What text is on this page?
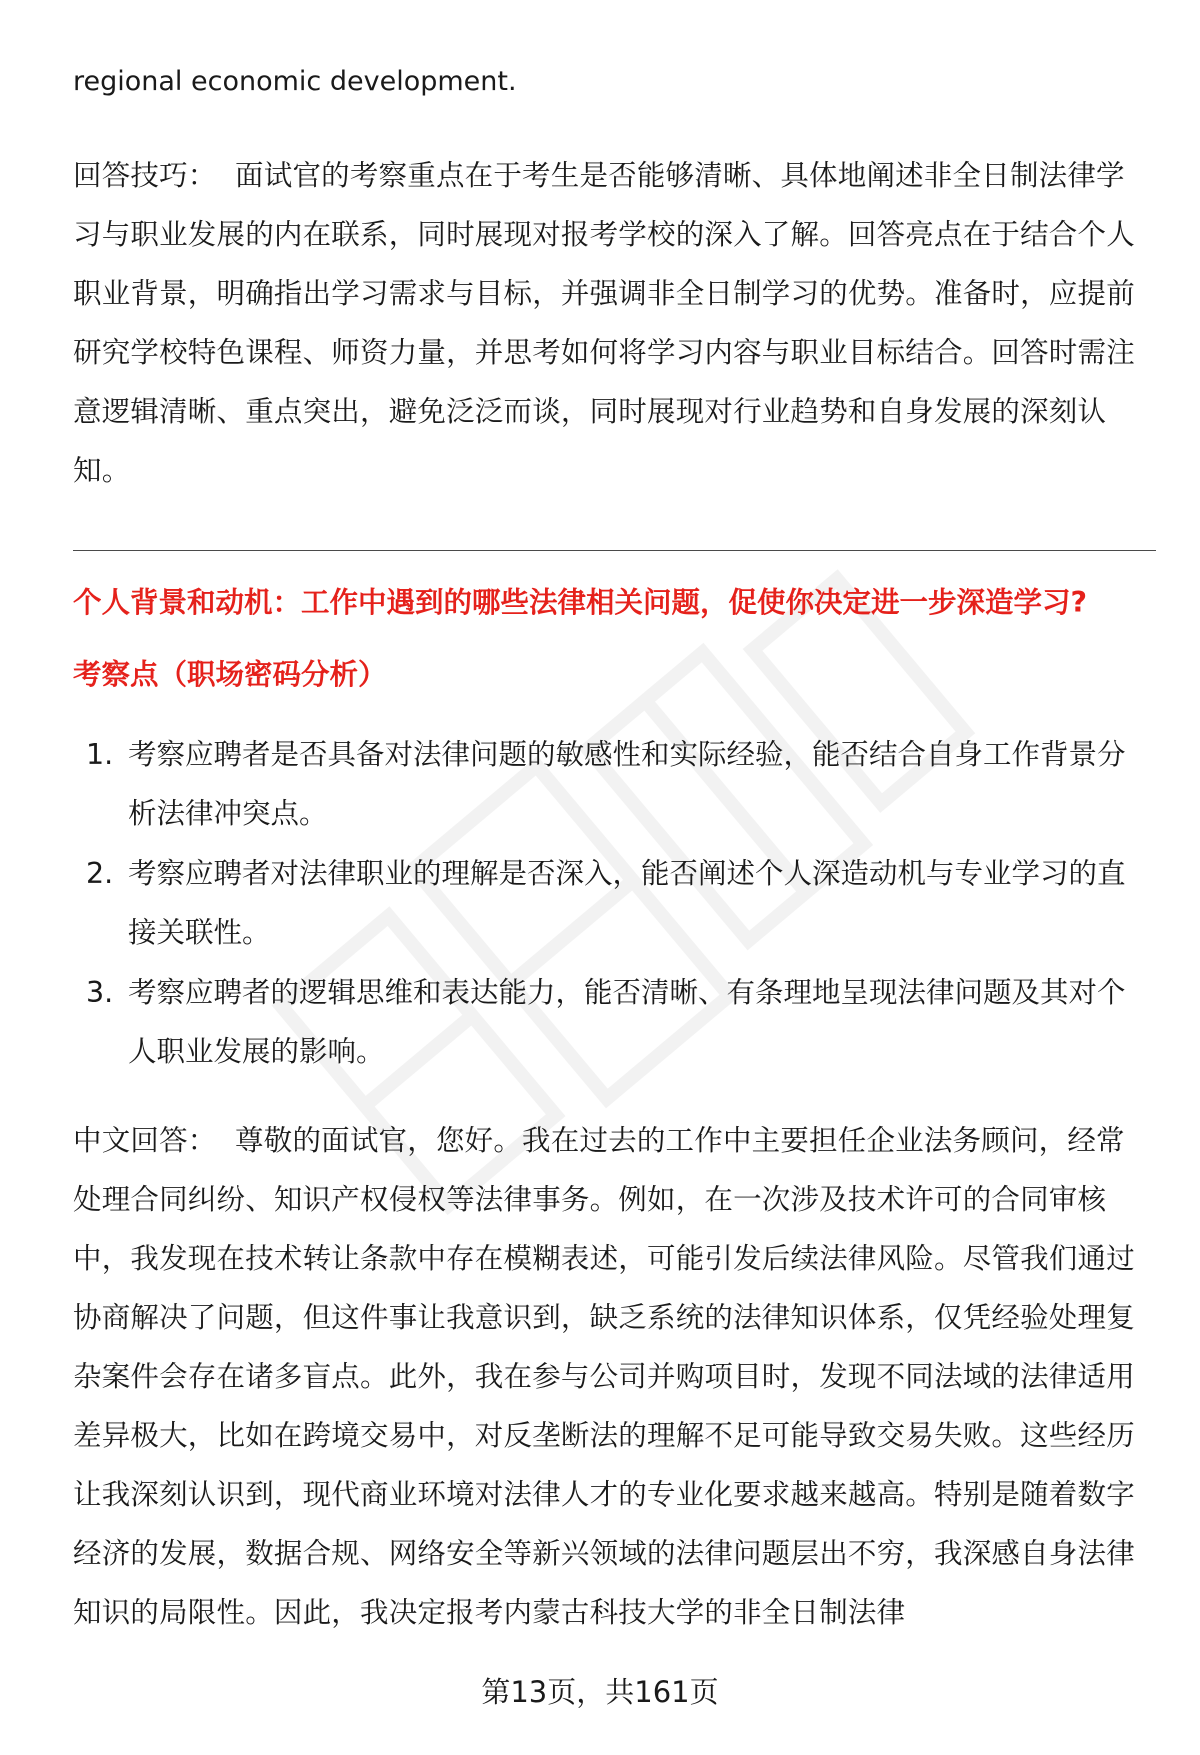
regional economic development.

回答技巧： 面试官的考察重点在于考生是否能够清晰、具体地阐述非全日制法律学习与职业发展的内在联系，同时展现对报考学校的深入了解。回答亮点在于结合个人职业背景，明确指出学习需求与目标，并强调非全日制学习的优势。准备时，应提前研究学校特色课程、师资力量，并思考如何将学习内容与职业目标结合。回答时需注意逻辑清晰、重点突出，避免泛泛而谈，同时展现对行业趋势和自身发展的深刻认知。

个人背景和动机：工作中遇到的哪些法律相关问题，促使你决定进一步深造学习?
考察点（职场密码分析）
1. 考察应聘者是否具备对法律问题的敏感性和实际经验，能否结合自身工作背景分析法律冲突点。
2. 考察应聘者对法律职业的理解是否深入，能否阐述个人深造动机与专业学习的直接关联性。
3. 考察应聘者的逻辑思维和表达能力，能否清晰、有条理地呈现法律问题及其对个人职业发展的影响。

中文回答： 尊敬的面试官，您好。我在过去的工作中主要担任企业法务顾问，经常处理合同纠纷、知识产权侵权等法律事务。例如，在一次涉及技术许可的合同审核中，我发现在技术转让条款中存在模糊表述，可能引发后续法律风险。尽管我们通过协商解决了问题，但这件事让我意识到，缺乏系统的法律知识体系，仅凭经验处理复杂案件会存在诸多盲点。此外，我在参与公司并购项目时，发现不同法域的法律适用差异极大，比如在跨境交易中，对反垄断法的理解不足可能导致交易失败。这些经历让我深刻认识到，现代商业环境对法律人才的专业化要求越来越高。特别是随着数字经济的发展，数据合规、网络安全等新兴领域的法律问题层出不穷，我深感自身法律知识的局限性。因此，我决定报考内蒙古科技大学的非全日制法律

第13页，共161页
